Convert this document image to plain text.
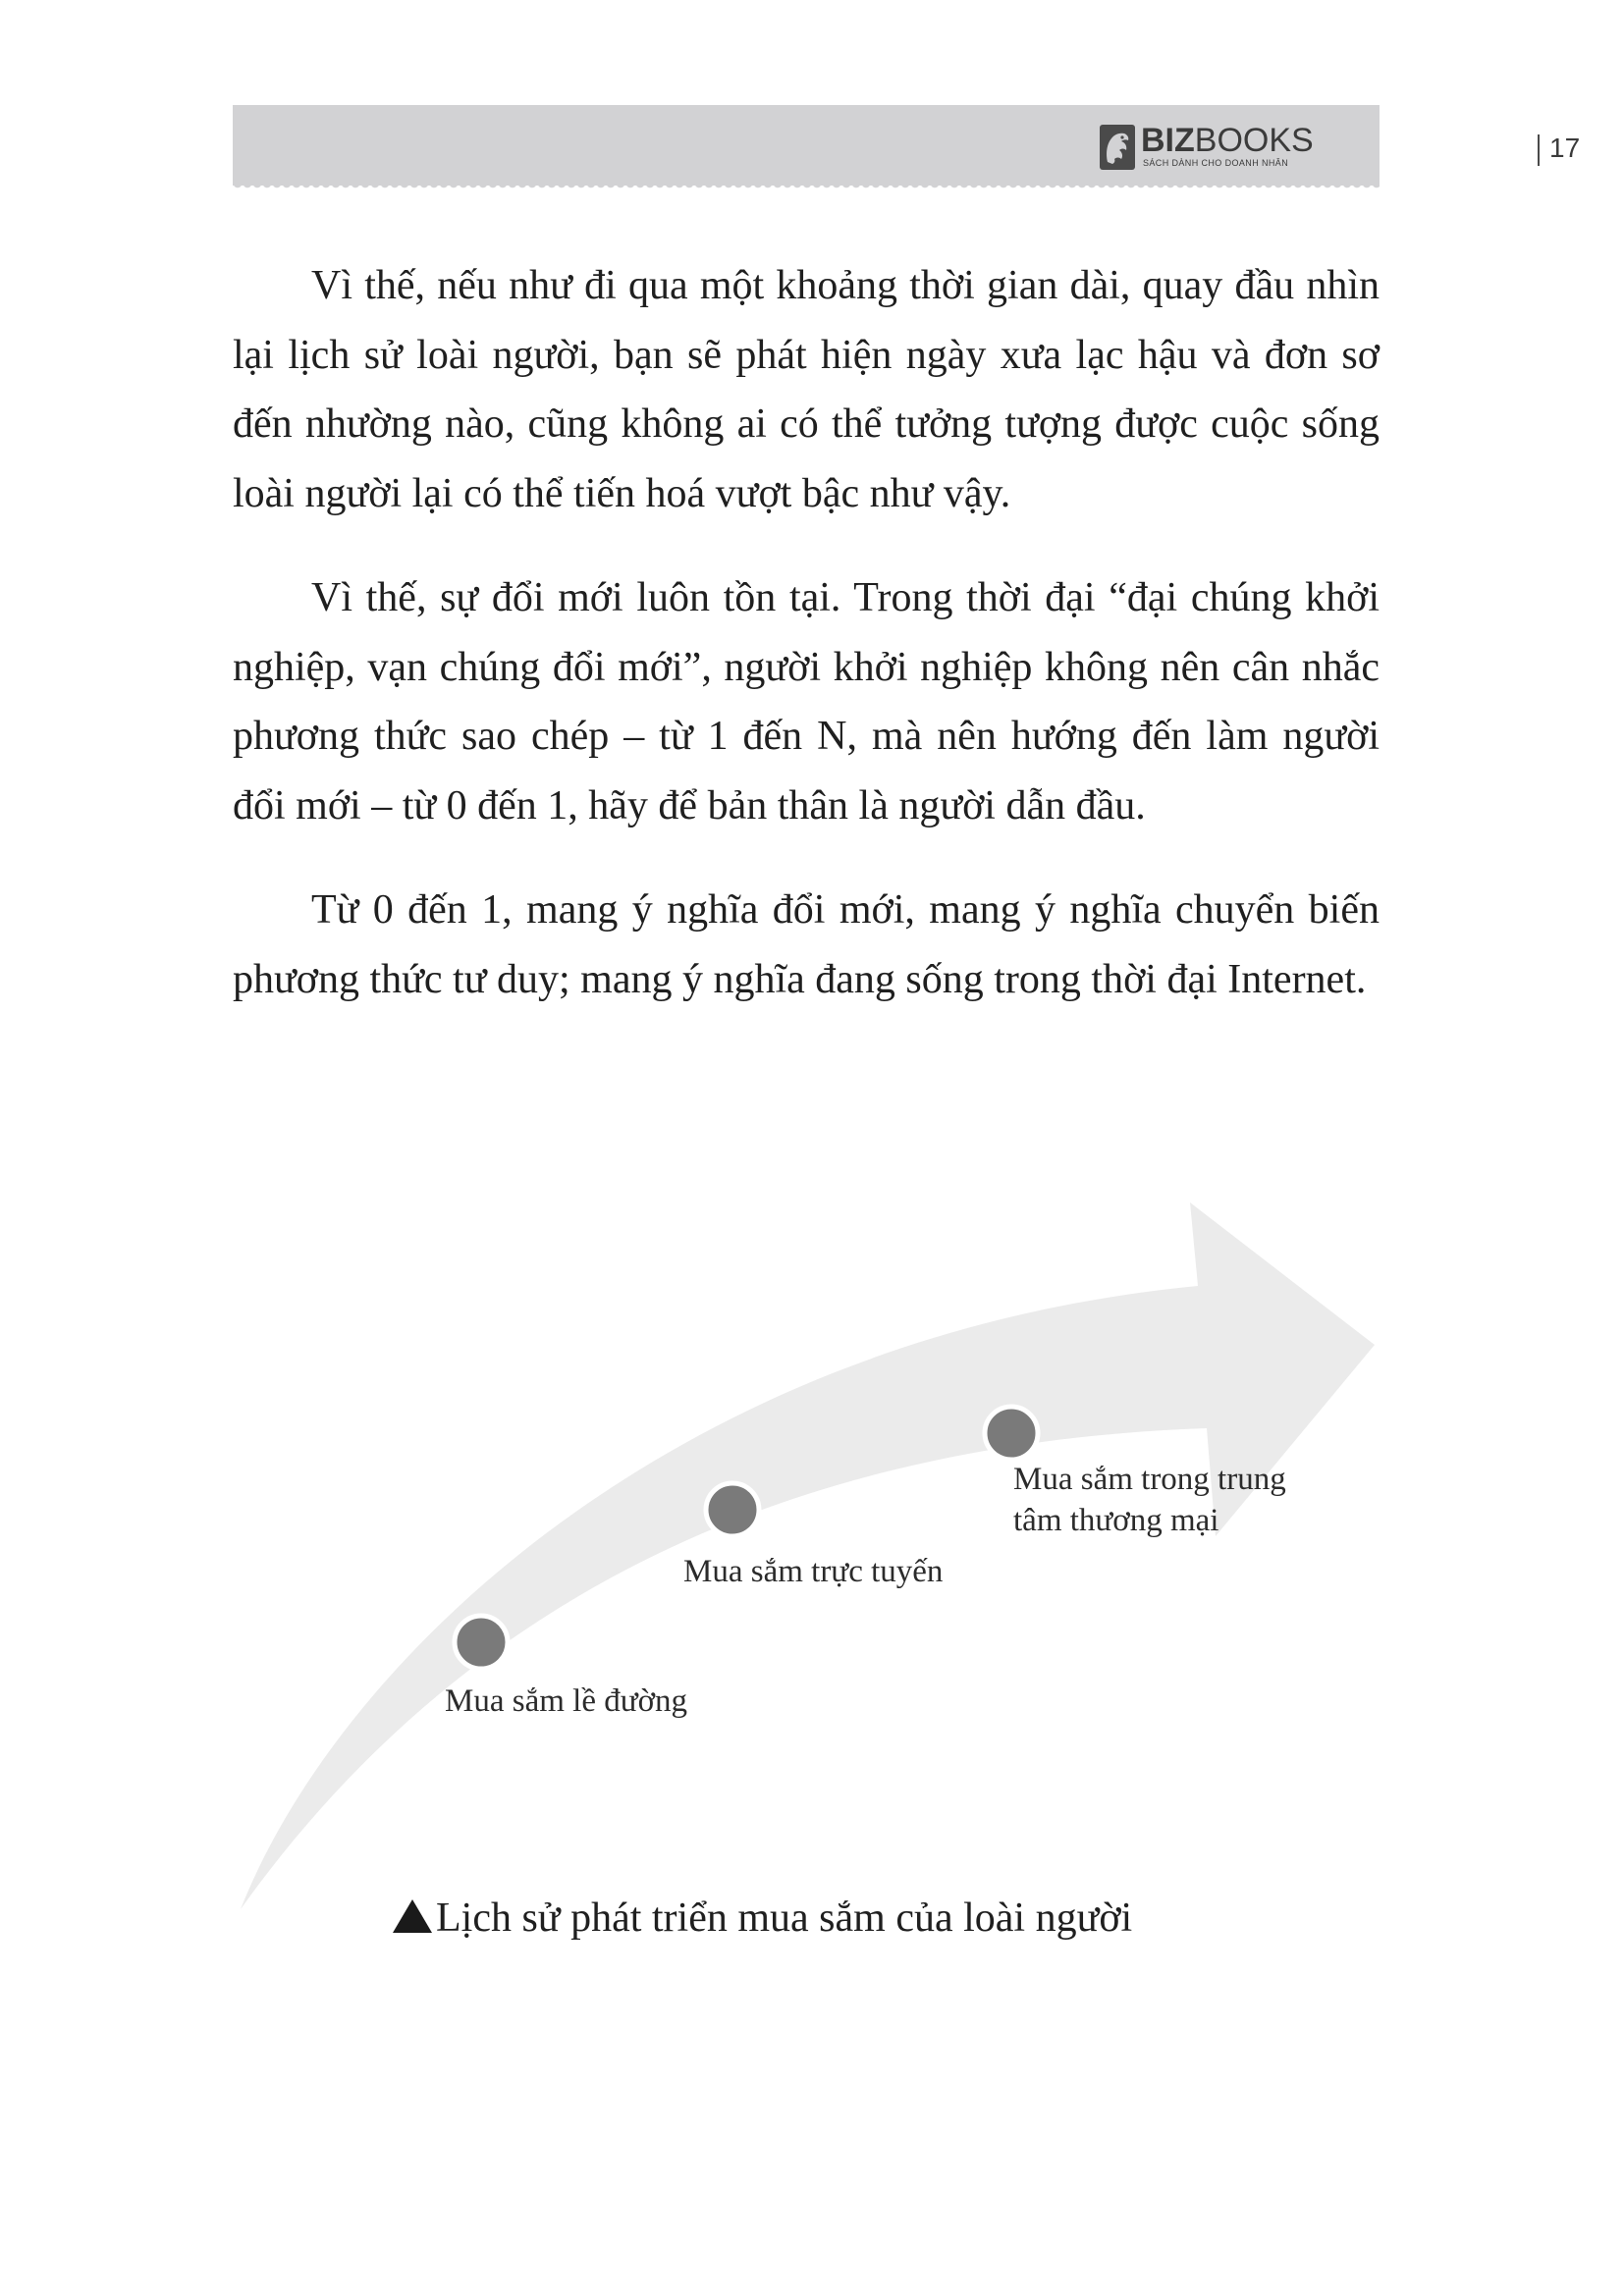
BIZBOOKS
SÁCH DÀNH CHO DOANH NHÂN	17

Vì thế, nếu như đi qua một khoảng thời gian dài, quay đầu nhìn lại lịch sử loài người, bạn sẽ phát hiện ngày xưa lạc hậu và đơn sơ đến nhường nào, cũng không ai có thể tưởng tượng được cuộc sống loài người lại có thể tiến hoá vượt bậc như vậy.

Vì thế, sự đổi mới luôn tồn tại. Trong thời đại “đại chúng khởi nghiệp, vạn chúng đổi mới”, người khởi nghiệp không nên cân nhắc phương thức sao chép – từ 1 đến N, mà nên hướng đến làm người đổi mới – từ 0 đến 1, hãy để bản thân là người dẫn đầu.

Từ 0 đến 1, mang ý nghĩa đổi mới, mang ý nghĩa chuyển biến phương thức tư duy; mang ý nghĩa đang sống trong thời đại Internet.

Mua sắm lề đường
Mua sắm trực tuyến
Mua sắm trong trung
tâm thương mại
Lịch sử phát triển mua sắm của loài người
